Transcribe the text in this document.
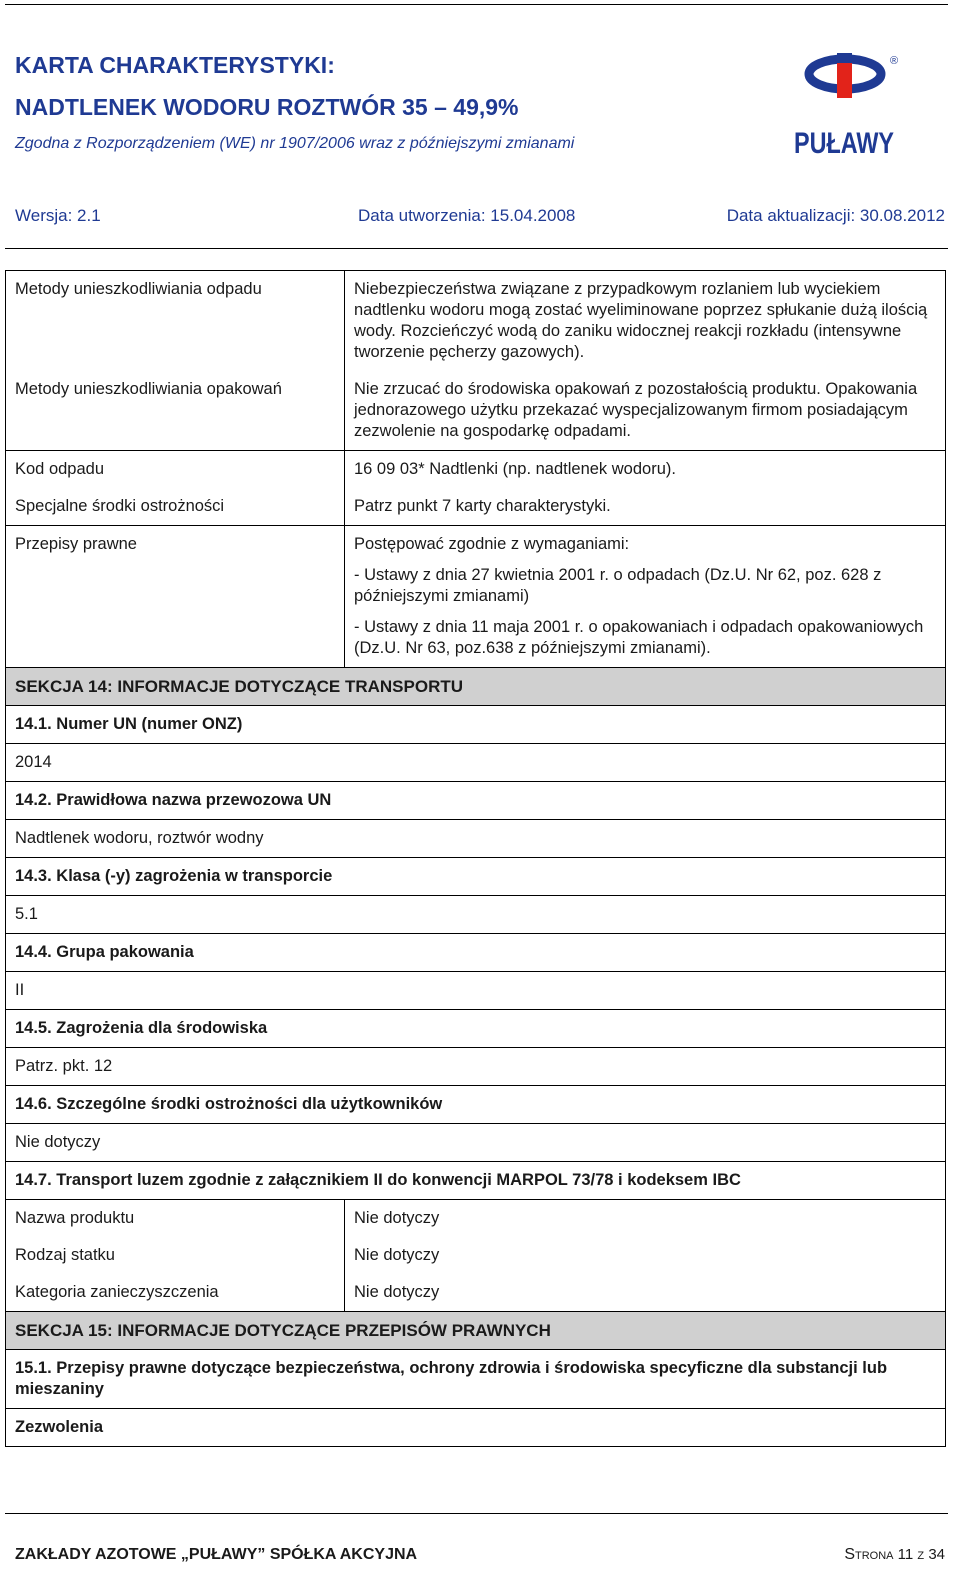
KARTA CHARAKTERYSTYKI:
NADTLENEK WODORU ROZTWÓR 35 – 49,9%
Zgodna z Rozporządzeniem (WE) nr 1907/2006 wraz z późniejszymi zmianami
®
PUŁAWY
Wersja: 2.1	Data utworzenia: 15.04.2008	Data aktualizacji: 30.08.2012
Metody unieszkodliwiania odpadu	Niebezpieczeństwa związane z przypadkowym rozlaniem lub wyciekiem nadtlenku wodoru mogą zostać wyeliminowane poprzez spłukanie dużą ilością wody. Rozcieńczyć wodą do zaniku widocznej reakcji rozkładu (intensywne tworzenie pęcherzy gazowych).
Metody unieszkodliwiania opakowań	Nie zrzucać do środowiska opakowań z pozostałością produktu. Opakowania jednorazowego użytku przekazać wyspecjalizowanym firmom posiadającym zezwolenie na gospodarkę odpadami.
Kod odpadu	16 09 03* Nadtlenki (np. nadtlenek wodoru).
Specjalne środki ostrożności	Patrz punkt 7 karty charakterystyki.
Przepisy prawne	Postępować zgodnie z wymaganiami:
- Ustawy z dnia 27 kwietnia 2001 r. o odpadach (Dz.U. Nr 62, poz. 628 z późniejszymi zmianami)
- Ustawy z dnia 11 maja 2001 r. o opakowaniach i odpadach opakowaniowych (Dz.U. Nr 63, poz.638 z późniejszymi zmianami).

SEKCJA 14: INFORMACJE DOTYCZĄCE TRANSPORTU	
14.1. Numer UN (numer ONZ)	
2014	
14.2. Prawidłowa nazwa przewozowa UN	
Nadtlenek wodoru, roztwór wodny	
14.3. Klasa (-y) zagrożenia w transporcie	
5.1	
14.4. Grupa pakowania	
II	
14.5. Zagrożenia dla środowiska	
Patrz. pkt. 12	
14.6. Szczególne środki ostrożności dla użytkowników	
Nie dotyczy	
14.7. Transport luzem zgodnie z załącznikiem II do konwencji MARPOL 73/78 i kodeksem IBC	
Nazwa produktu	Nie dotyczy
Rodzaj statku	Nie dotyczy
Kategoria zanieczyszczenia	Nie dotyczy
SEKCJA 15: INFORMACJE DOTYCZĄCE PRZEPISÓW PRAWNYCH	
15.1. Przepisy prawne dotyczące bezpieczeństwa, ochrony zdrowia i środowiska specyficzne dla substancji lub mieszaniny	
Zezwolenia	
ZAKŁADY AZOTOWE „PUŁAWY” SPÓŁKA AKCYJNA	Strona 11 z 34
